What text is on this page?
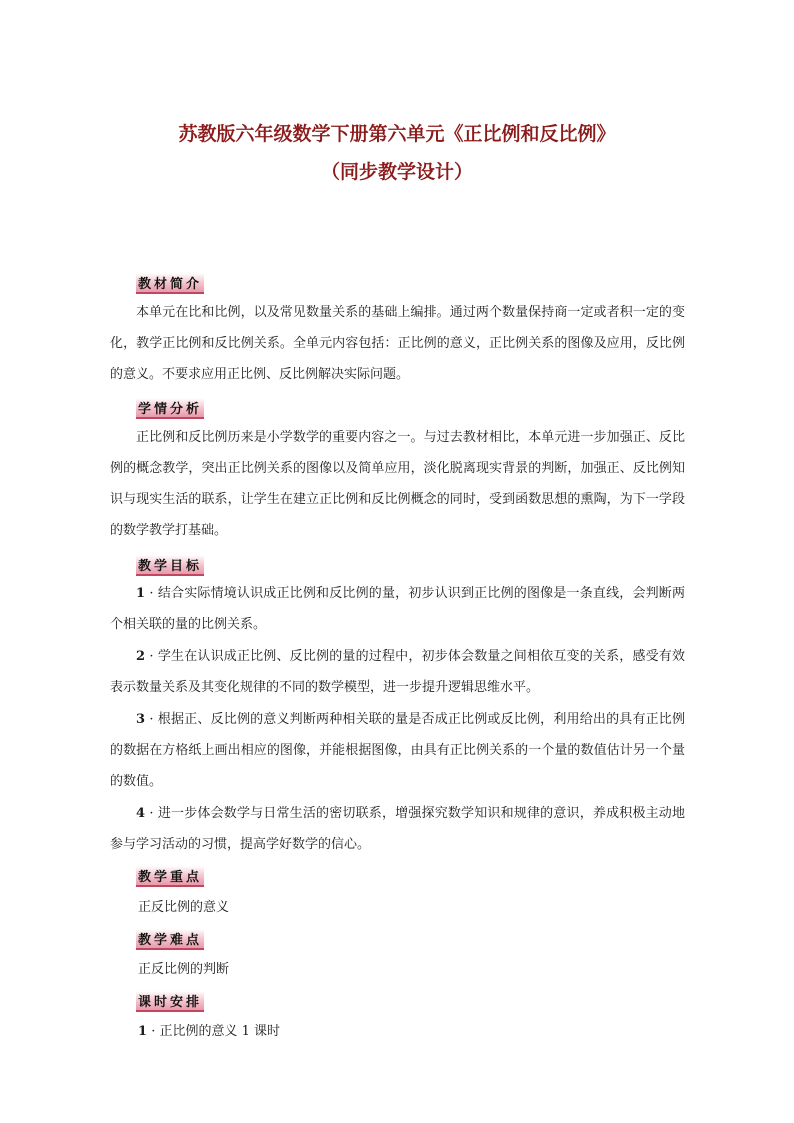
苏教版六年级数学下册第六单元《正比例和反比例》
（同步教学设计）
教材简介

本单元在比和比例，以及常见数量关系的基础上编排。通过两个数量保持商一定或者积一定的变化，教学正比例和反比例关系。全单元内容包括：正比例的意义，正比例关系的图像及应用，反比例的意义。不要求应用正比例、反比例解决实际问题。

学情分析

正比例和反比例历来是小学数学的重要内容之一。与过去教材相比，本单元进一步加强正、反比例的概念教学，突出正比例关系的图像以及简单应用，淡化脱离现实背景的判断，加强正、反比例知识与现实生活的联系，让学生在建立正比例和反比例概念的同时，受到函数思想的熏陶，为下一学段的数学教学打基础。

教学目标

1 · 结合实际情境认识成正比例和反比例的量，初步认识到正比例的图像是一条直线，会判断两个相关联的量的比例关系。

2 · 学生在认识成正比例、反比例的量的过程中，初步体会数量之间相依互变的关系，感受有效表示数量关系及其变化规律的不同的数学模型，进一步提升逻辑思维水平。

3 · 根据正、反比例的意义判断两种相关联的量是否成正比例或反比例，利用给出的具有正比例的数据在方格纸上画出相应的图像，并能根据图像，由具有正比例关系的一个量的数值估计另一个量的数值。

4 · 进一步体会数学与日常生活的密切联系，增强探究数学知识和规律的意识，养成积极主动地参与学习活动的习惯，提高学好数学的信心。

教学重点

正反比例的意义

教学难点

正反比例的判断

课时安排

1 · 正比例的意义 1 课时
